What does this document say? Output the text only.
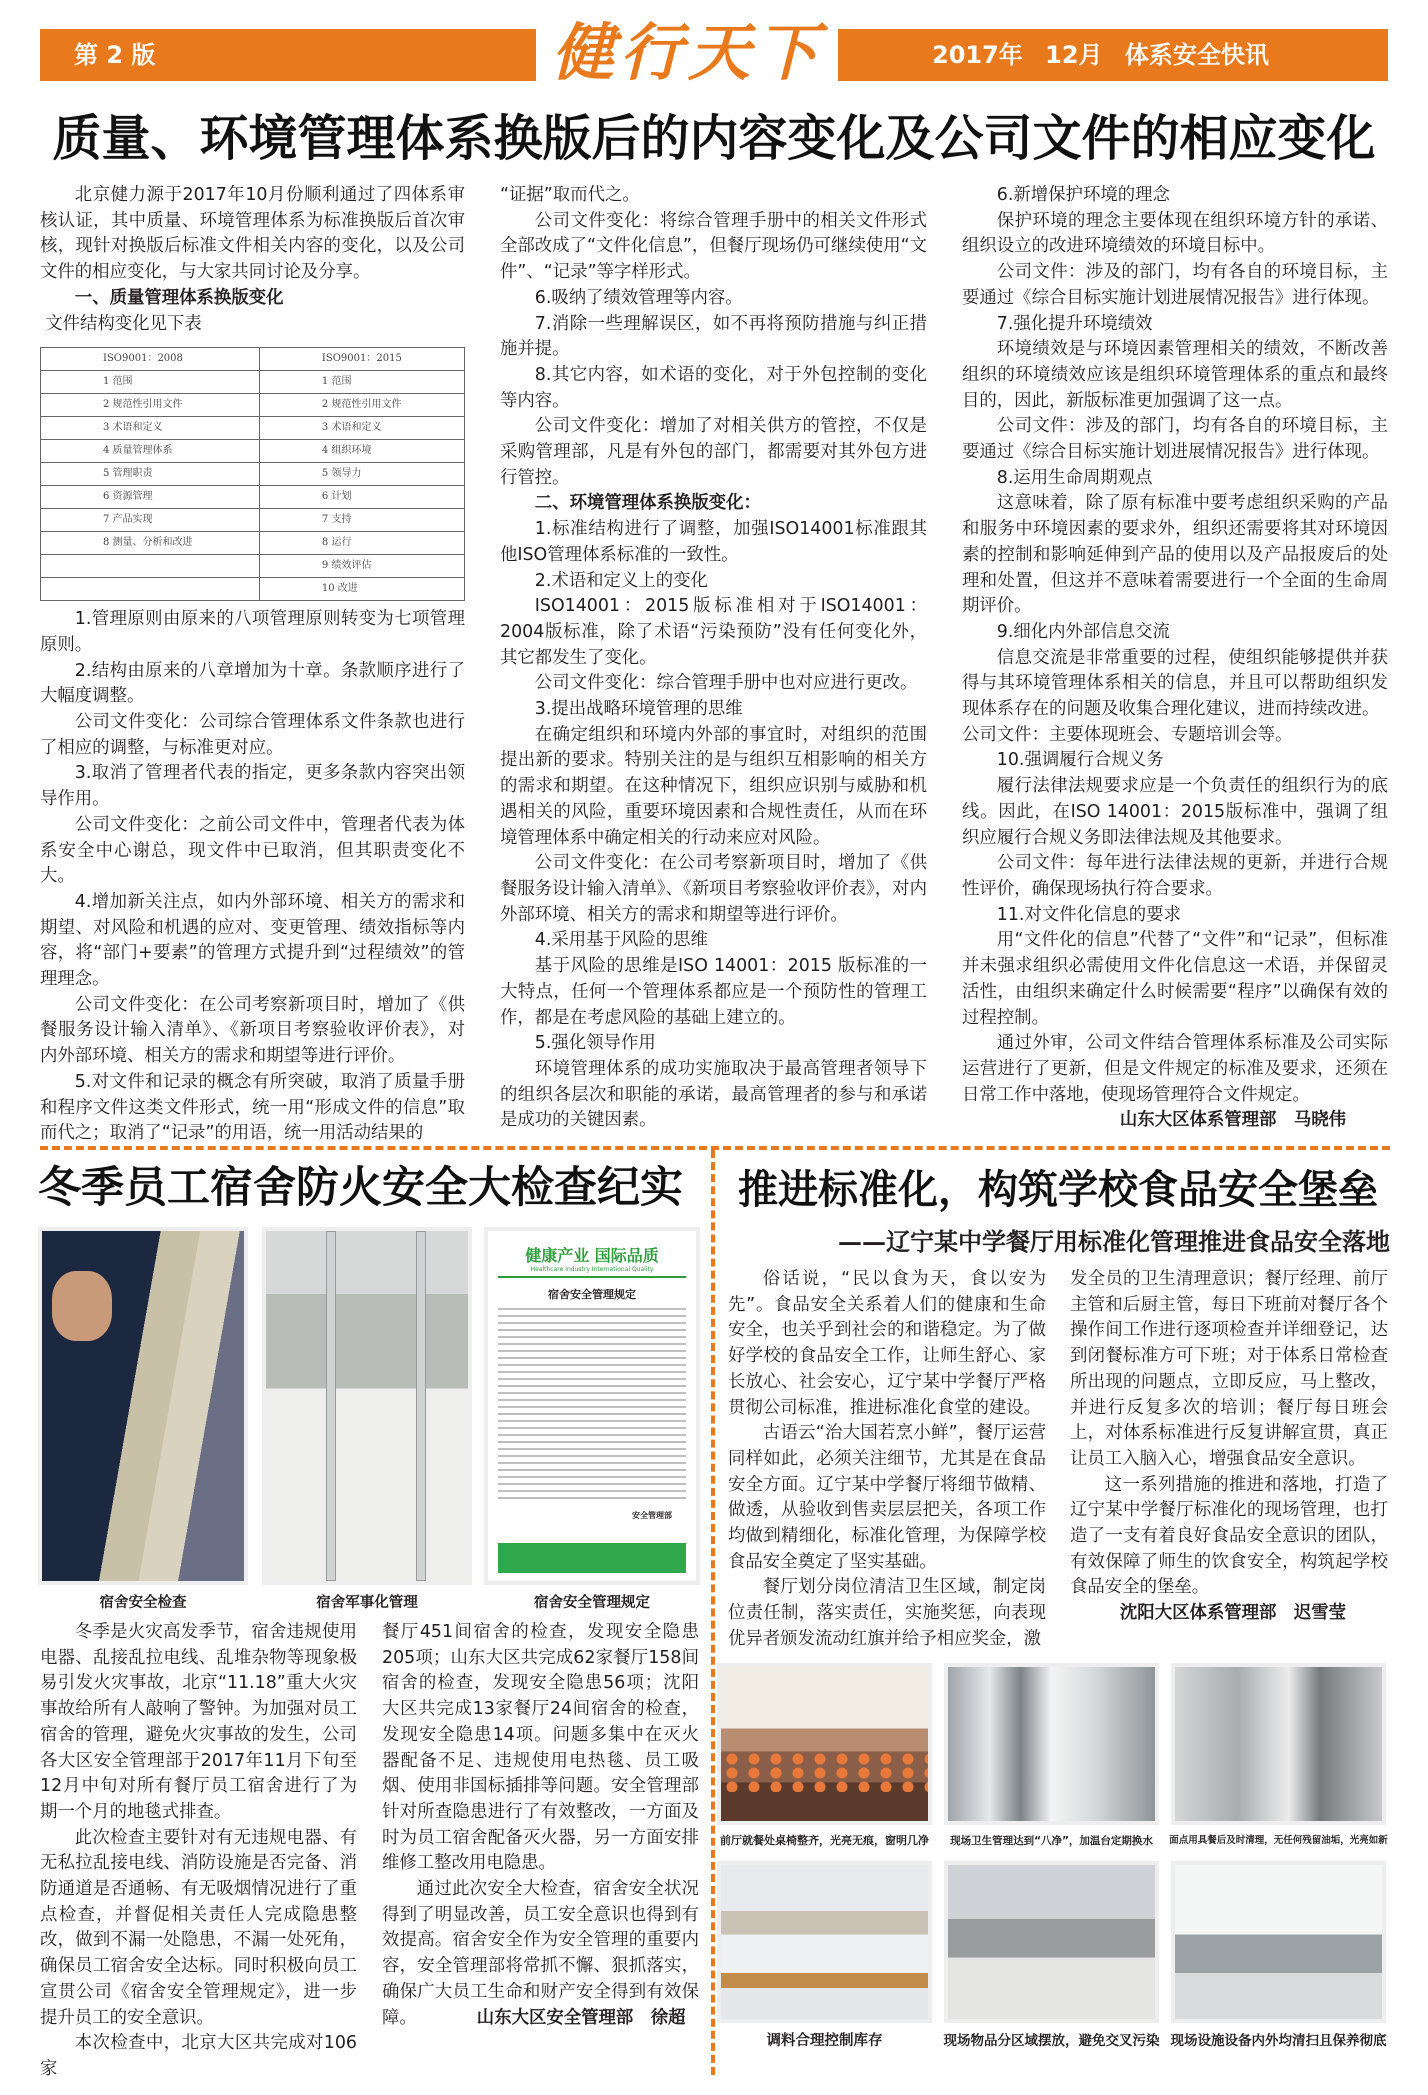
第 2 版	健行天下	2017年 12月 体系安全快讯
质量、环境管理体系换版后的内容变化及公司文件的相应变化

北京健力源于2017年10月份顺利通过了四体系审核认证，其中质量、环境管理体系为标准换版后首次审核，现针对换版后标准文件相关内容的变化，以及公司文件的相应变化，与大家共同讨论及分享。

一、质量管理体系换版变化

文件结构变化见下表

ISO9001：2008	ISO9001：2015
1 范围	1 范围
2 规范性引用文件	2 规范性引用文件
3 术语和定义	3 术语和定义
4 质量管理体系	4 组织环境
5 管理职责	5 领导力
6 资源管理	6 计划
7 产品实现	7 支持
8 测量、分析和改进	8 运行
	9 绩效评估
	10 改进

1.管理原则由原来的八项管理原则转变为七项管理原则。

2.结构由原来的八章增加为十章。条款顺序进行了大幅度调整。

公司文件变化：公司综合管理体系文件条款也进行了相应的调整，与标准更对应。

3.取消了管理者代表的指定，更多条款内容突出领导作用。

公司文件变化：之前公司文件中，管理者代表为体系安全中心谢总，现文件中已取消，但其职责变化不大。

4.增加新关注点，如内外部环境、相关方的需求和期望、对风险和机遇的应对、变更管理、绩效指标等内容，将“部门+要素”的管理方式提升到“过程绩效”的管理理念。

公司文件变化：在公司考察新项目时，增加了《供餐服务设计输入清单》、《新项目考察验收评价表》，对内外部环境、相关方的需求和期望等进行评价。

5.对文件和记录的概念有所突破，取消了质量手册和程序文件这类文件形式，统一用“形成文件的信息”取而代之；取消了“记录”的用语，统一用活动结果的

“证据”取而代之。

公司文件变化：将综合管理手册中的相关文件形式全部改成了“文件化信息”，但餐厅现场仍可继续使用“文件”、“记录”等字样形式。

6.吸纳了绩效管理等内容。

7.消除一些理解误区，如不再将预防措施与纠正措施并提。

8.其它内容，如术语的变化，对于外包控制的变化等内容。

公司文件变化：增加了对相关供方的管控，不仅是采购管理部，凡是有外包的部门，都需要对其外包方进行管控。

二、环境管理体系换版变化：

1.标准结构进行了调整，加强ISO14001标准跟其他ISO管理体系标准的一致性。

2.术语和定义上的变化

ISO14001：2015版标准相对于ISO14001：2004版标准，除了术语“污染预防”没有任何变化外，其它都发生了变化。

公司文件变化：综合管理手册中也对应进行更改。

3.提出战略环境管理的思维

在确定组织和环境内外部的事宜时，对组织的范围提出新的要求。特别关注的是与组织互相影响的相关方的需求和期望。在这种情况下，组织应识别与威胁和机遇相关的风险，重要环境因素和合规性责任，从而在环境管理体系中确定相关的行动来应对风险。

公司文件变化：在公司考察新项目时，增加了《供餐服务设计输入清单》、《新项目考察验收评价表》，对内外部环境、相关方的需求和期望等进行评价。

4.采用基于风险的思维

基于风险的思维是ISO 14001：2015 版标准的一大特点，任何一个管理体系都应是一个预防性的管理工作，都是在考虑风险的基础上建立的。

5.强化领导作用

环境管理体系的成功实施取决于最高管理者领导下的组织各层次和职能的承诺，最高管理者的参与和承诺是成功的关键因素。

6.新增保护环境的理念

保护环境的理念主要体现在组织环境方针的承诺、组织设立的改进环境绩效的环境目标中。

公司文件：涉及的部门，均有各自的环境目标，主要通过《综合目标实施计划进展情况报告》进行体现。

7.强化提升环境绩效

环境绩效是与环境因素管理相关的绩效，不断改善组织的环境绩效应该是组织环境管理体系的重点和最终目的，因此，新版标准更加强调了这一点。

公司文件：涉及的部门，均有各自的环境目标，主要通过《综合目标实施计划进展情况报告》进行体现。

8.运用生命周期观点

这意味着，除了原有标准中要考虑组织采购的产品和服务中环境因素的要求外，组织还需要将其对环境因素的控制和影响延伸到产品的使用以及产品报废后的处理和处置，但这并不意味着需要进行一个全面的生命周期评价。

9.细化内外部信息交流

信息交流是非常重要的过程，使组织能够提供并获得与其环境管理体系相关的信息，并且可以帮助组织发现体系存在的问题及收集合理化建议，进而持续改进。

公司文件：主要体现班会、专题培训会等。

10.强调履行合规义务

履行法律法规要求应是一个负责任的组织行为的底线。因此，在ISO 14001：2015版标准中，强调了组织应履行合规义务即法律法规及其他要求。

公司文件：每年进行法律法规的更新，并进行合规性评价，确保现场执行符合要求。

11.对文件化信息的要求

用“文件化的信息”代替了“文件”和“记录”，但标准并未强求组织必需使用文件化信息这一术语，并保留灵活性，由组织来确定什么时候需要“程序”以确保有效的过程控制。

通过外审，公司文件结合管理体系标准及公司实际运营进行了更新，但是文件规定的标准及要求，还须在日常工作中落地，使现场管理符合文件规定。

山东大区体系管理部　马晓伟

冬季员工宿舍防火安全大检查纪实
健康产业 国际品质
Healthcare Industry International Quality
宿舍安全管理规定
安全管理部
宿舍安全检查	宿舍军事化管理	宿舍安全管理规定

冬季是火灾高发季节，宿舍违规使用电器、乱接乱拉电线、乱堆杂物等现象极易引发火灾事故，北京“11.18”重大火灾事故给所有人敲响了警钟。为加强对员工宿舍的管理，避免火灾事故的发生，公司各大区安全管理部于2017年11月下旬至12月中旬对所有餐厅员工宿舍进行了为期一个月的地毯式排查。

此次检查主要针对有无违规电器、有无私拉乱接电线、消防设施是否完备、消防通道是否通畅、有无吸烟情况进行了重点检查，并督促相关责任人完成隐患整改，做到不漏一处隐患，不漏一处死角，确保员工宿舍安全达标。同时积极向员工宣贯公司《宿舍安全管理规定》，进一步提升员工的安全意识。

本次检查中，北京大区共完成对106家

餐厅451间宿舍的检查，发现安全隐患205项；山东大区共完成62家餐厅158间宿舍的检查，发现安全隐患56项；沈阳大区共完成13家餐厅24间宿舍的检查，发现安全隐患14项。问题多集中在灭火器配备不足、违规使用电热毯、员工吸烟、使用非国标插排等问题。安全管理部针对所查隐患进行了有效整改，一方面及时为员工宿舍配备灭火器，另一方面安排维修工整改用电隐患。

通过此次安全大检查，宿舍安全状况得到了明显改善，员工安全意识也得到有效提高。宿舍安全作为安全管理的重要内容，安全管理部将常抓不懈、狠抓落实，确保广大员工生命和财产安全得到有效保障。	山东大区安全管理部　徐超

推进标准化，构筑学校食品安全堡垒
——辽宁某中学餐厅用标准化管理推进食品安全落地

俗话说，“民以食为天，食以安为先”。食品安全关系着人们的健康和生命安全，也关乎到社会的和谐稳定。为了做好学校的食品安全工作，让师生舒心、家长放心、社会安心，辽宁某中学餐厅严格贯彻公司标准，推进标准化食堂的建设。

古语云“治大国若烹小鲜”，餐厅运营同样如此，必须关注细节，尤其是在食品安全方面。辽宁某中学餐厅将细节做精、做透，从验收到售卖层层把关，各项工作均做到精细化，标准化管理，为保障学校食品安全奠定了坚实基础。

餐厅划分岗位清洁卫生区域，制定岗位责任制，落实责任，实施奖惩，向表现优异者颁发流动红旗并给予相应奖金，激

发全员的卫生清理意识；餐厅经理、前厅主管和后厨主管，每日下班前对餐厅各个操作间工作进行逐项检查并详细登记，达到闭餐标准方可下班；对于体系日常检查所出现的问题点，立即反应，马上整改，并进行反复多次的培训；餐厅每日班会上，对体系标准进行反复讲解宣贯，真正让员工入脑入心，增强食品安全意识。

这一系列措施的推进和落地，打造了辽宁某中学餐厅标准化的现场管理，也打造了一支有着良好食品安全意识的团队，有效保障了师生的饮食安全，构筑起学校食品安全的堡垒。

沈阳大区体系管理部　迟雪莹

前厅就餐处桌椅整齐，光亮无痕，窗明几净	现场卫生管理达到“八净”，加温台定期换水	面点用具餐后及时清理，无任何残留油垢，光亮如新
调料合理控制库存	现场物品分区域摆放，避免交叉污染 现场设施设备内外均清扫且保养彻底
